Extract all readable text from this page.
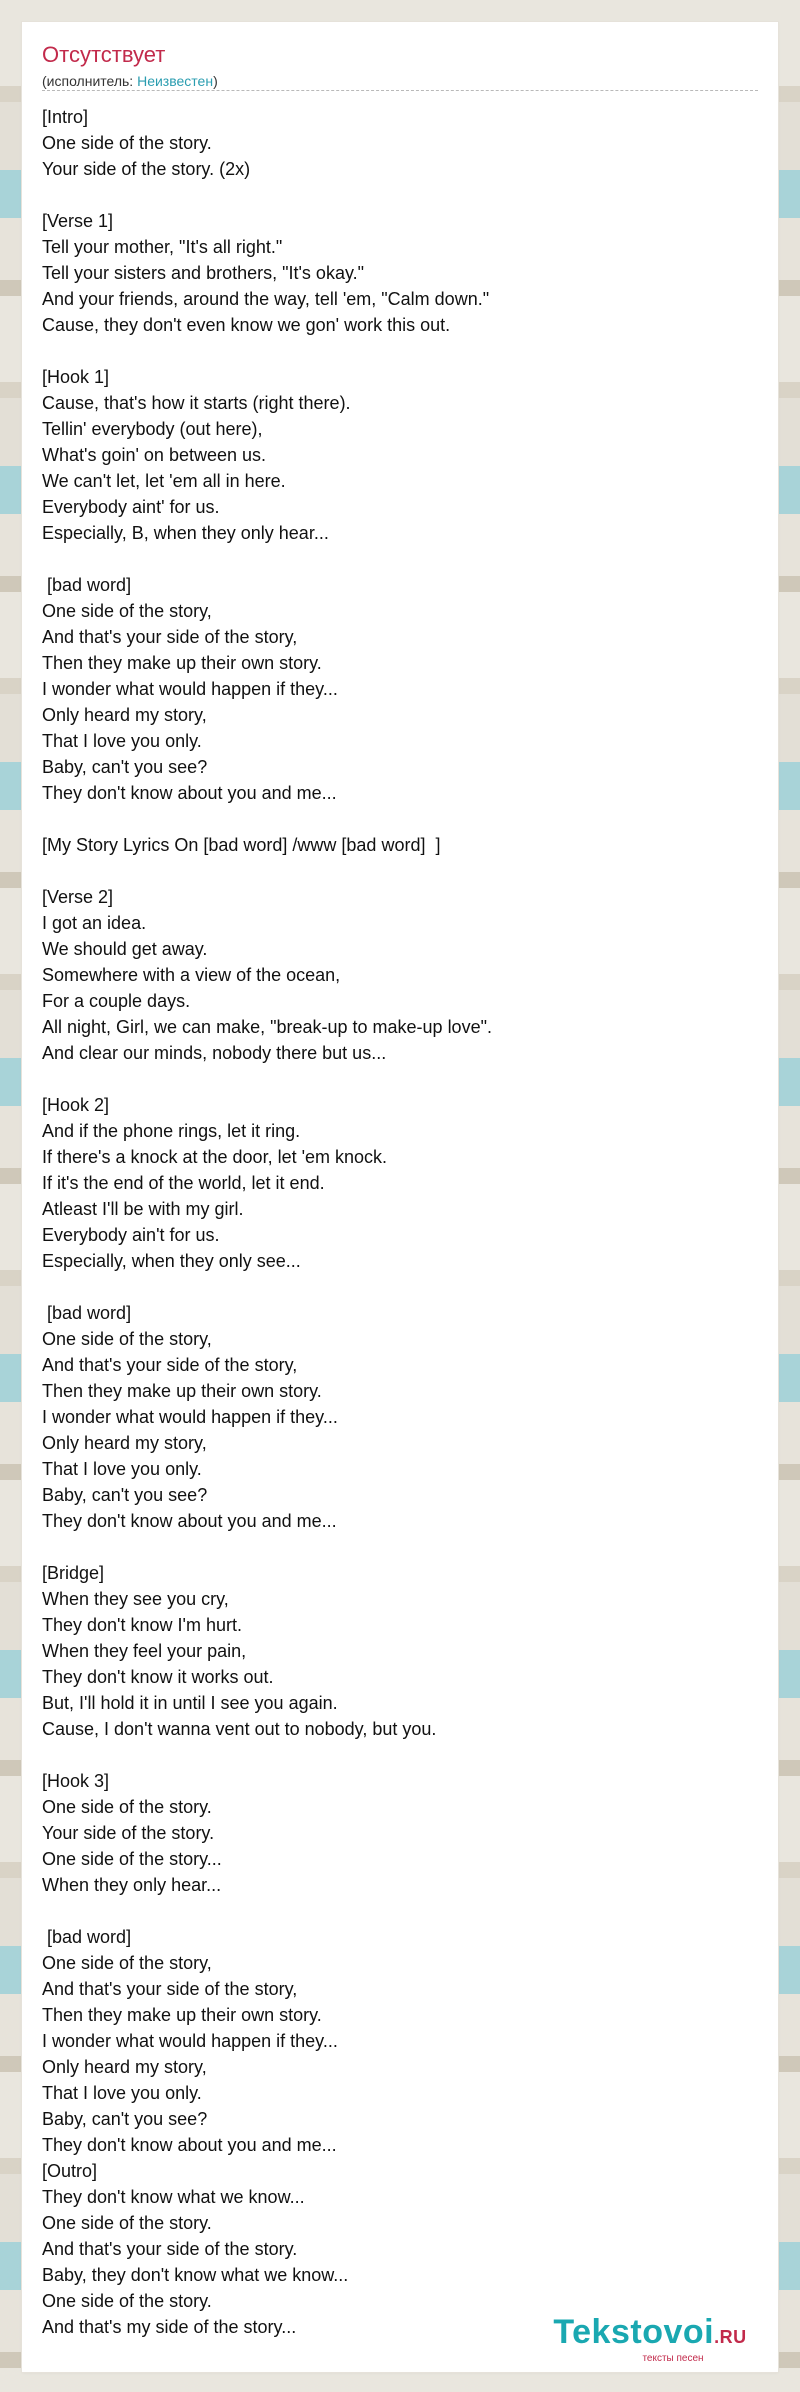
Отсутствует
(исполнитель: Неизвестен)
[Intro]
One side of the story.
Your side of the story. (2x)

[Verse 1]
Tell your mother, "It's all right."
Tell your sisters and brothers, "It's okay."
And your friends, around the way, tell 'em, "Calm down."
Cause, they don't even know we gon' work this out.

[Hook 1]
Cause, that's how it starts (right there).
Tellin' everybody (out here),
What's goin' on between us.
We can't let, let 'em all in here.
Everybody aint' for us.
Especially, B, when they only hear...

[bad word]
One side of the story,
And that's your side of the story,
Then they make up their own story.
I wonder what would happen if they...
Only heard my story,
That I love you only.
Baby, can't you see?
They don't know about you and me...

[My Story Lyrics On [bad word] /www [bad word]  ]

[Verse 2]
I got an idea.
We should get away.
Somewhere with a view of the ocean,
For a couple days.
All night, Girl, we can make, "break-up to make-up love".
And clear our minds, nobody there but us...

[Hook 2]
And if the phone rings, let it ring.
If there's a knock at the door, let 'em knock.
If it's the end of the world, let it end.
Atleast I'll be with my girl.
Everybody ain't for us.
Especially, when they only see...

[bad word]
One side of the story,
And that's your side of the story,
Then they make up their own story.
I wonder what would happen if they...
Only heard my story,
That I love you only.
Baby, can't you see?
They don't know about you and me...

[Bridge]
When they see you cry,
They don't know I'm hurt.
When they feel your pain,
They don't know it works out.
But, I'll hold it in until I see you again.
Cause, I don't wanna vent out to nobody, but you.

[Hook 3]
One side of the story.
Your side of the story.
One side of the story...
When they only hear...

[bad word]
One side of the story,
And that's your side of the story,
Then they make up their own story.
I wonder what would happen if they...
Only heard my story,
That I love you only.
Baby, can't you see?
They don't know about you and me...
[Outro]
They don't know what we know...
One side of the story.
And that's your side of the story.
Baby, they don't know what we know...
One side of the story.
And that's my side of the story...	Tekstovoi.RU
тексты песен
